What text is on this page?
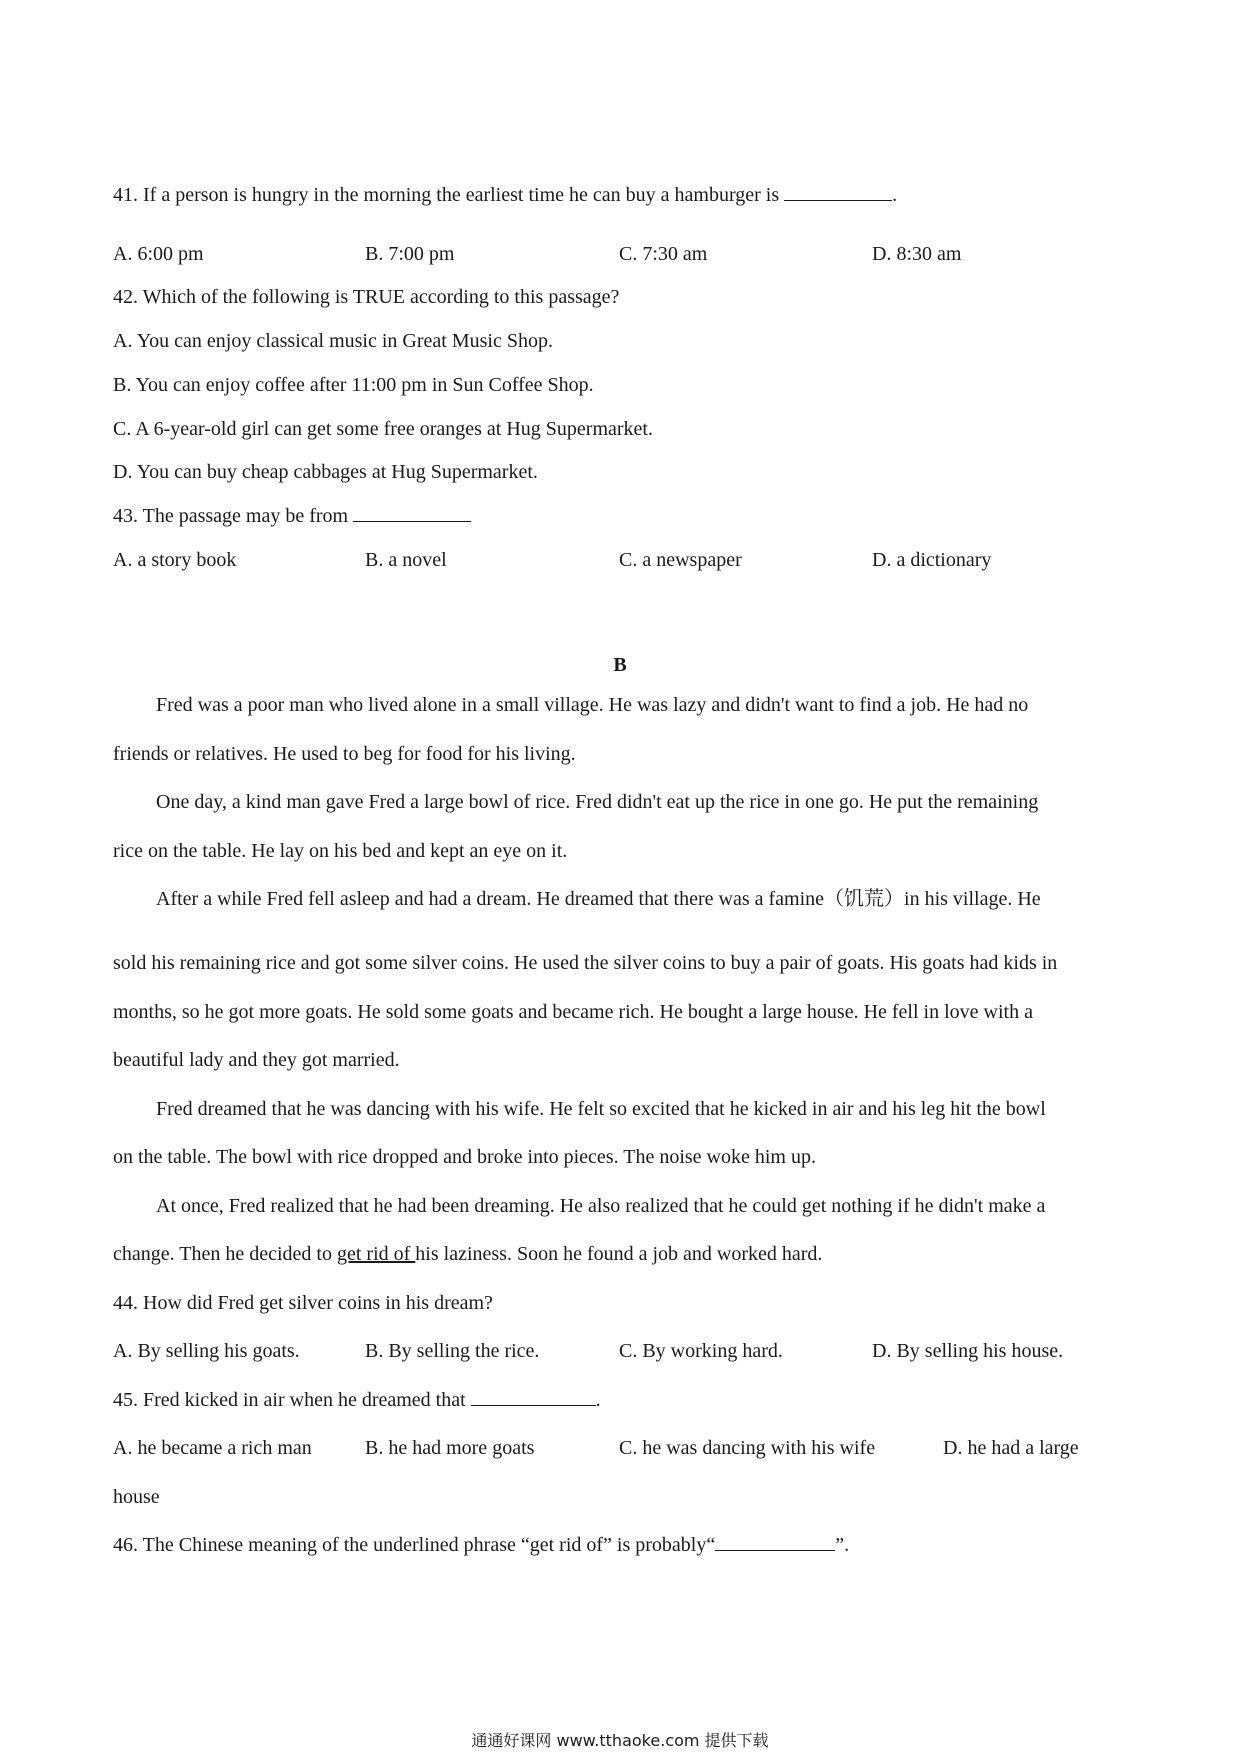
41. If a person is hungry in the morning the earliest time he can buy a hamburger is	.
A. 6:00 pm	B. 7:00 pm	C. 7:30 am	D. 8:30 am
42. Which of the following is TRUE according to this passage?
A. You can enjoy classical music in Great Music Shop.
B. You can enjoy coffee after 11:00 pm in Sun Coffee Shop.
C. A 6-year-old girl can get some free oranges at Hug Supermarket.
D. You can buy cheap cabbages at Hug Supermarket.
43. The passage may be from
A. a story book	B. a novel	C. a newspaper	D. a dictionary
B
Fred was a poor man who lived alone in a small village. He was lazy and didn't want to find a job. He had no
friends or relatives. He used to beg for food for his living.
One day, a kind man gave Fred a large bowl of rice. Fred didn't eat up the rice in one go. He put the remaining
rice on the table. He lay on his bed and kept an eye on it.
After a while Fred fell asleep and had a dream. He dreamed that there was a famine（饥荒）in his village. He
sold his remaining rice and got some silver coins. He used the silver coins to buy a pair of goats. His goats had kids in
months, so he got more goats. He sold some goats and became rich. He bought a large house. He fell in love with a
beautiful lady and they got married.
Fred dreamed that he was dancing with his wife. He felt so excited that he kicked in air and his leg hit the bowl
on the table. The bowl with rice dropped and broke into pieces. The noise woke him up.
At once, Fred realized that he had been dreaming. He also realized that he could get nothing if he didn't make a
change. Then he decided to get rid of his laziness. Soon he found a job and worked hard.
44. How did Fred get silver coins in his dream?
A. By selling his goats.	B. By selling the rice.	C. By working hard.	D. By selling his house.
45. Fred kicked in air when he dreamed that	.
A. he became a rich man	B. he had more goats	C. he was dancing with his wife	D. he had a large
house
46. The Chinese meaning of the underlined phrase “get rid of” is probably“	”.
通通好课网 www.tthaoke.com 提供下载
